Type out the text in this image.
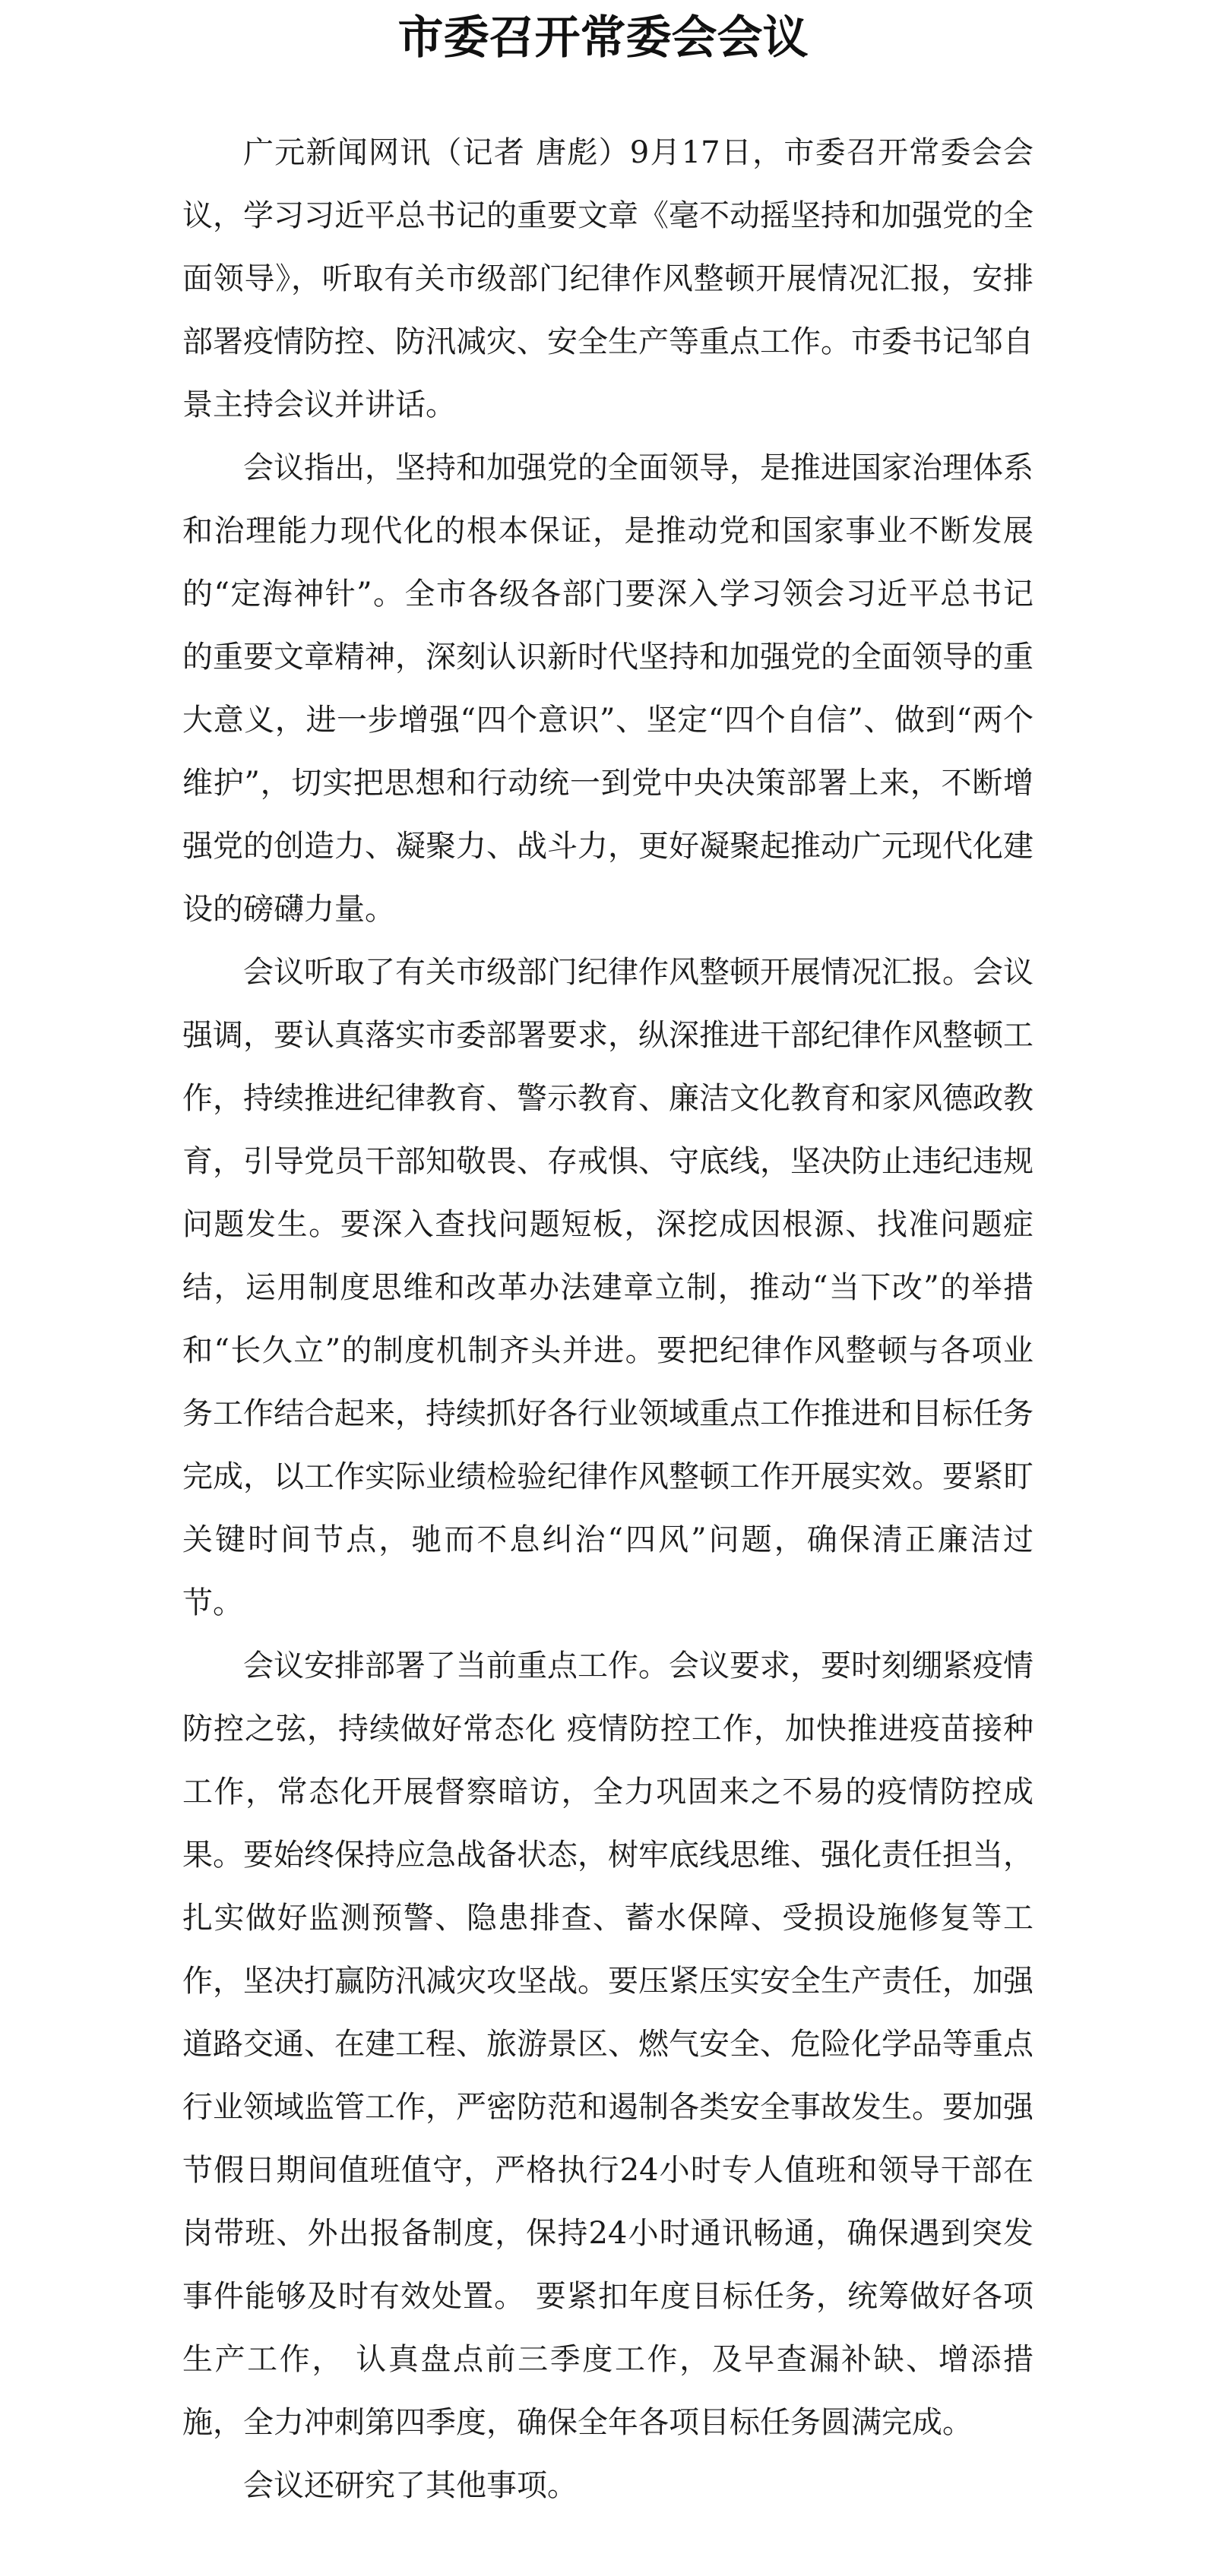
市委召开常委会会议

广元新闻网讯（记者 唐彪）9月17日，市委召开常委会会议，学习习近平总书记的重要文章《毫不动摇坚持和加强党的全面领导》，听取有关市级部门纪律作风整顿开展情况汇报，安排部署疫情防控、防汛减灾、安全生产等重点工作。市委书记邹自景主持会议并讲话。

会议指出，坚持和加强党的全面领导，是推进国家治理体系和治理能力现代化的根本保证，是推动党和国家事业不断发展的“定海神针”。全市各级各部门要深入学习领会习近平总书记的重要文章精神，深刻认识新时代坚持和加强党的全面领导的重大意义，进一步增强“四个意识”、坚定“四个自信”、做到“两个维护”，切实把思想和行动统一到党中央决策部署上来，不断增强党的创造力、凝聚力、战斗力，更好凝聚起推动广元现代化建设的磅礴力量。

会议听取了有关市级部门纪律作风整顿开展情况汇报。会议强调，要认真落实市委部署要求，纵深推进干部纪律作风整顿工作，持续推进纪律教育、警示教育、廉洁文化教育和家风德政教育，引导党员干部知敬畏、存戒惧、守底线，坚决防止违纪违规问题发生。要深入查找问题短板，深挖成因根源、找准问题症结，运用制度思维和改革办法建章立制，推动“当下改”的举措和“长久立”的制度机制齐头并进。要把纪律作风整顿与各项业务工作结合起来，持续抓好各行业领域重点工作推进和目标任务完成，以工作实际业绩检验纪律作风整顿工作开展实效。要紧盯关键时间节点，驰而不息纠治“四风”问题，确保清正廉洁过节。

会议安排部署了当前重点工作。会议要求，要时刻绷紧疫情防控之弦，持续做好常态化 疫情防控工作，加快推进疫苗接种工作，常态化开展督察暗访，全力巩固来之不易的疫情防控成果。要始终保持应急战备状态，树牢底线思维、强化责任担当，扎实做好监测预警、隐患排查、蓄水保障、受损设施修复等工作，坚决打赢防汛减灾攻坚战。要压紧压实安全生产责任，加强道路交通、在建工程、旅游景区、燃气安全、危险化学品等重点行业领域监管工作，严密防范和遏制各类安全事故发生。要加强节假日期间值班值守，严格执行24小时专人值班和领导干部在岗带班、外出报备制度，保持24小时通讯畅通，确保遇到突发事件能够及时有效处置。 要紧扣年度目标任务，统筹做好各项生产工作， 认真盘点前三季度工作，及早查漏补缺、增添措施，全力冲刺第四季度，确保全年各项目标任务圆满完成。

会议还研究了其他事项。
